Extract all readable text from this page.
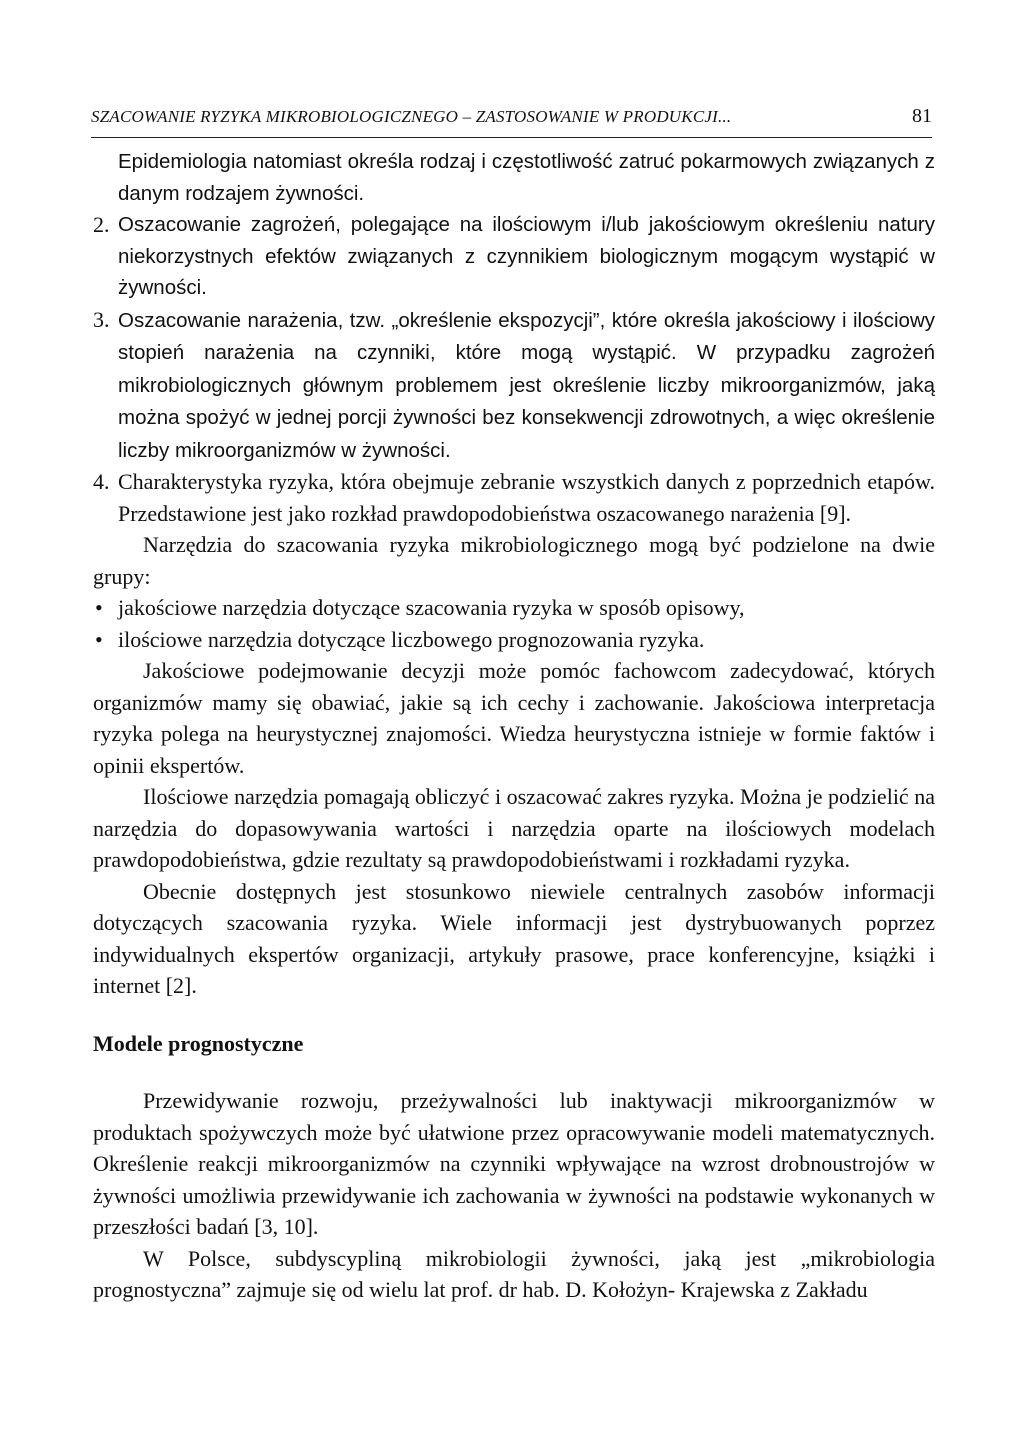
SZACOWANIE RYZYKA MIKROBIOLOGICZNEGO – ZASTOSOWANIE W PRODUKCJI...	81

Epidemiologia natomiast określa rodzaj i częstotliwość zatruć pokarmowych związanych z danym rodzajem żywności.

2. Oszacowanie zagrożeń, polegające na ilościowym i/lub jakościowym określeniu natury niekorzystnych efektów związanych z czynnikiem biologicznym mogącym wystąpić w żywności.

3. Oszacowanie narażenia, tzw. „określenie ekspozycji”, które określa jakościowy i ilościowy stopień narażenia na czynniki, które mogą wystąpić. W przypadku zagrożeń mikrobiologicznych głównym problemem jest określenie liczby mikroorganizmów, jaką można spożyć w jednej porcji żywności bez konsekwencji zdrowotnych, a więc określenie liczby mikroorganizmów w żywności.

4. Charakterystyka ryzyka, która obejmuje zebranie wszystkich danych z poprzednich etapów. Przedstawione jest jako rozkład prawdopodobieństwa oszacowanego narażenia [9].

Narzędzia do szacowania ryzyka mikrobiologicznego mogą być podzielone na dwie grupy:

• jakościowe narzędzia dotyczące szacowania ryzyka w sposób opisowy,
• ilościowe narzędzia dotyczące liczbowego prognozowania ryzyka.

Jakościowe podejmowanie decyzji może pomóc fachowcom zadecydować, których organizmów mamy się obawiać, jakie są ich cechy i zachowanie. Jakościowa interpretacja ryzyka polega na heurystycznej znajomości. Wiedza heurystyczna istnieje w formie faktów i opinii ekspertów.

Ilościowe narzędzia pomagają obliczyć i oszacować zakres ryzyka. Można je podzielić na narzędzia do dopasowywania wartości i narzędzia oparte na ilościowych modelach prawdopodobieństwa, gdzie rezultaty są prawdopodobieństwami i rozkładami ryzyka.

Obecnie dostępnych jest stosunkowo niewiele centralnych zasobów informacji dotyczących szacowania ryzyka. Wiele informacji jest dystrybuowanych poprzez indywidualnych ekspertów organizacji, artykuły prasowe, prace konferencyjne, książki i internet [2].

Modele prognostyczne

Przewidywanie rozwoju, przeżywalności lub inaktywacji mikroorganizmów w produktach spożywczych może być ułatwione przez opracowywanie modeli matematycznych. Określenie reakcji mikroorganizmów na czynniki wpływające na wzrost drobnoustrojów w żywności umożliwia przewidywanie ich zachowania w żywności na podstawie wykonanych w przeszłości badań [3, 10].

W Polsce, subdyscypliną mikrobiologii żywności, jaką jest „mikrobiologia prognostyczna” zajmuje się od wielu lat prof. dr hab. D. Kołożyn- Krajewska z Zakładu
